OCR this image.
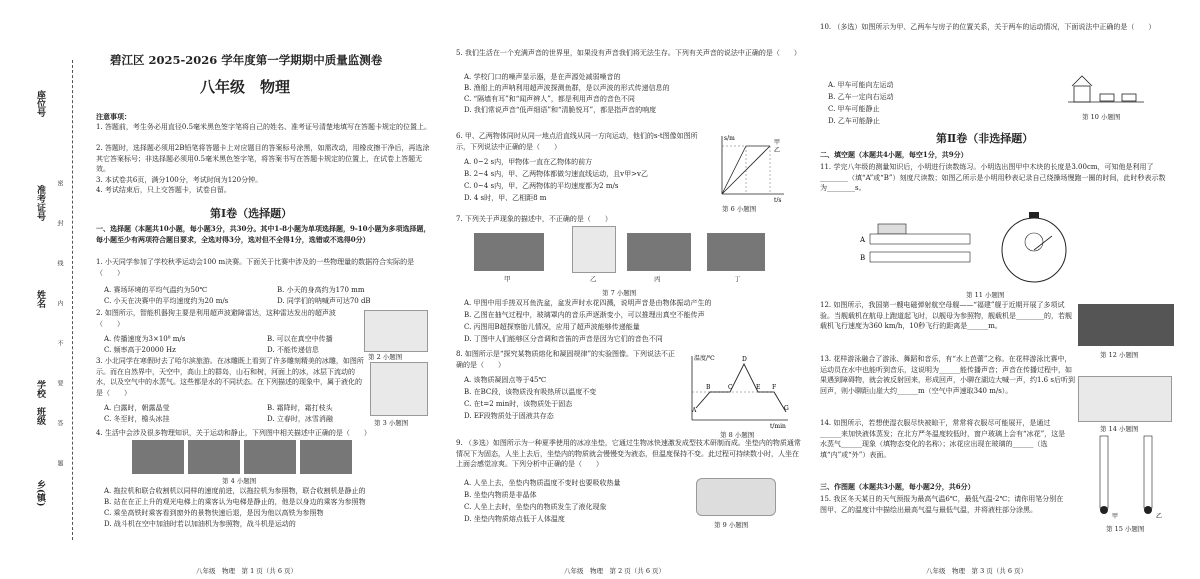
座位号
准考证号
姓名
学校　班级
乡(镇)
密　封　线　内　不　要　答　题
碧江区 2025-2026 学年度第一学期期中质量监测卷
八年级　物理
注意事项：
1. 答题前，考生务必用直径0.5毫米黑色签字笔将自己的姓名、准考证号清楚地填写在答题卡规定的位置上。
2. 答题时，选择题必须用2B铅笔将答题卡上对应题目的答案标号涂黑，如需改动，用橡皮擦干净后，再选涂其它答案标号；非选择题必须用0.5毫米黑色签字笔，将答案书写在答题卡规定的位置上，在试卷上答题无效。
3. 本试卷共6页，满分100分，考试时间为120分钟。
4. 考试结束后，只上交答题卡，试卷自留。
第Ⅰ卷（选择题）
一、选择题（本题共10小题，每小题3分，共30分。其中1-8小题为单项选择题，9-10小题为多项选择题，每小题至少有两项符合题目要求，全选对得3分，选对但不全得1分，选错或不选得0分）
1. 小天同学参加了学校秋季运动会100 m决赛。下面关于比赛中涉及的一些物理量的数据符合实际的是（　　）
A. 赛场环境的平均气温约为50℃	B. 小天的身高约为170 mm
C. 小天在决赛中的平均速度约为20 m/s	D. 同学们的呐喊声可达70 dB
2. 如图所示，智能机器狗主要是利用超声波避障雷达，这种雷达发出的超声波（　　）
A. 传播速度为3×10⁸ m/s	B. 可以在真空中传播
C. 频率高于20000 Hz	D. 不能传递信息
第 2 小题图
3. 小北同学在寒假时去了哈尔滨旅游。在冰雕既上看到了许多雕刻精美的冰雕，如图所示。而在自然界中，天空中，高山上的群岛，山石和树，河面上的冰，冰层下流动的水，以及空气中的水蒸气。这些都是水的不同状态。在下列描述的现象中，属于液化的是（　　）
A. 白露时，朝露晶莹	B. 霜降时，霜打枝头
C. 冬至时，檐头冰挂	D. 立春时，冰雪消融	第 3 小题图
4. 生活中会涉及很多物理知识，关于运动和静止，下列图中相关描述中正确的是（　　）
第 4 小题图
A. 拖拉机和联合收割机以同样的速度前进，以拖拉机为参照物，联合收割机是静止的
B. 站在在正上升的观光电梯上的乘客认为电梯是静止的，他是以身边的乘客为参照物
C. 乘坐高铁时乘客看到窗外的景物快速后退，是因为他以高铁为参照物
D. 战斗机在空中加油时若以加油机为参照物，战斗机是运动的
八年级　物理　第 1 页（共 6 页）
5. 我们生活在一个充满声音的世界里，如果没有声音我们将无法生存。下列有关声音的说法中正确的是（　　）
A. 学校门口的噪声显示器，是在声源处减弱噪音的
B. 渔船上的声呐利用超声波探测鱼群，是以声波的形式传递信息的
C. “隔墙有耳”和“闻声辨人”，都是利用声音的音色不同
D. 我们常说声音“低声细语”和“清脆悦耳”，都是指声音的响度
6. 甲、乙两物体同时从同一地点沿直线从同一方向运动，他们的s-t图像如图所示，下列说法中正确的是（　　）
A. 0~2 s内，甲物体一直在乙物体的前方
B. 2~4 s内，甲、乙两物体都做匀速直线运动，且v甲>v乙
C. 0~4 s内，甲、乙两物体的平均速度都为2 m/s
D. 4 s时，甲、乙相距8 m
s/m
t/s
甲
乙
第 6 小题图
7. 下列关于声现象的描述中，不正确的是（　　）
甲	乙	丙	丁
第 7 小题图
A. 甲图中用手搓双耳鱼洗盆，盆发声时水花四溅，说明声音是由物体振动产生的
B. 乙图在抽气过程中，玻璃罩内的音乐声逐渐变小，可以推理出真空不能传声
C. 丙图用B超探察胎儿情况，应用了超声波能够传递能量
D. 丁图中人们能够区分音调和音笛的声音是因为它们的音色不同
8. 如图所示是“探究某物质熔化和凝固规律”的实验图像。下列说法不正确的是（　　）
A. 该物质凝固点等于45℃
B. 在BC段，该物质没有吸热所以温度不变
C. 在t=2 min时，该物质处于固态
D. EF段物质处于固液共存态
温度/℃
t/min
A
B	C
D
E F
G
第 8 小题图
9. （多选）如图所示为一种夏季使用的冰凉坐垫，它通过生物冰快速激发成型技术研制而成。坐垫内的物质通常情况下为固态，人坐上去后，坐垫内的物质就会慢慢变为液态，但温度保持不变。此过程可持续数小时，人坐在上面会感觉凉爽。下列分析中正确的是（　　）
A. 人坐上去，坐垫内物质温度不变时也要吸收热量
B. 坐垫内物质是非晶体
C. 人坐上去时，坐垫内的物质发生了液化现象
D. 坐垫内物质熔点低于人体温度
第 9 小题图
八年级　物理　第 2 页（共 6 页）
10. （多选）如图所示为甲、乙两车与房子的位置关系，关于两车的运动情况，下面说法中正确的是（　　）
A. 甲车可能向左运动
B. 乙车一定向右运动
C. 甲车可能静止
D. 乙车可能静止	第 10 小题图
第Ⅱ卷（非选择题）
二、填空题（本题共4小题，每空1分，共9分）
11. 学完八年级的测量知识后，小明进行读数练习。小明选出图甲中木块的长度是3.00cm，可知他是利用了________（填“A”或“B”）刻度尺读数；如图乙所示是小明用秒表记录自己绕操场慢跑一圈的时间，此时秒表示数为________s。
A
B
第 11 小题图
12. 如图所示，我国第一艘电磁弹射航空母舰——“福建”舰于近期开展了多项试验。当舰载机在航母上跑道起飞时，以舰母为参照物，舰载机是________的，若舰载机飞行速度为360 km/h，10秒飞行的距离是______m。
第 12 小题图
13. 花样游泳融合了游泳、舞蹈和音乐，有“水上芭蕾”之称。在花样游泳比赛中，运动员在水中也能听到音乐，这说明为______能传播声音；声音在传播过程中，如果遇到障碍物，就会被反射回来，形成回声，小聊在湖边大喊一声，约1.6 s后听到回声，则小聊距山崖大约______m（空气中声速取340 m/s）。
14. 如图所示，若想使湿衣服尽快被晾干，常常将衣服尽可能展开，是通过______来加快液体蒸发；在北方严冬温度较低时，窗户玻璃上会有“冰花”，这是水蒸气______现象（填物态变化的名称）；冰花应出现在玻璃的______（选填“内”或“外”）表面。
第 14 小题图
三、作图题（本题共3小题，每小题2分，共6分）
15. 我区冬天某日的天气预报为最高气温6℃，最低气温-2℃；请你用笔分别在图甲、乙的温度计中描绘出最高气温与最低气温，并将液柱部分涂黑。
甲	乙
第 15 小题图
八年级　物理　第 3 页（共 6 页）
